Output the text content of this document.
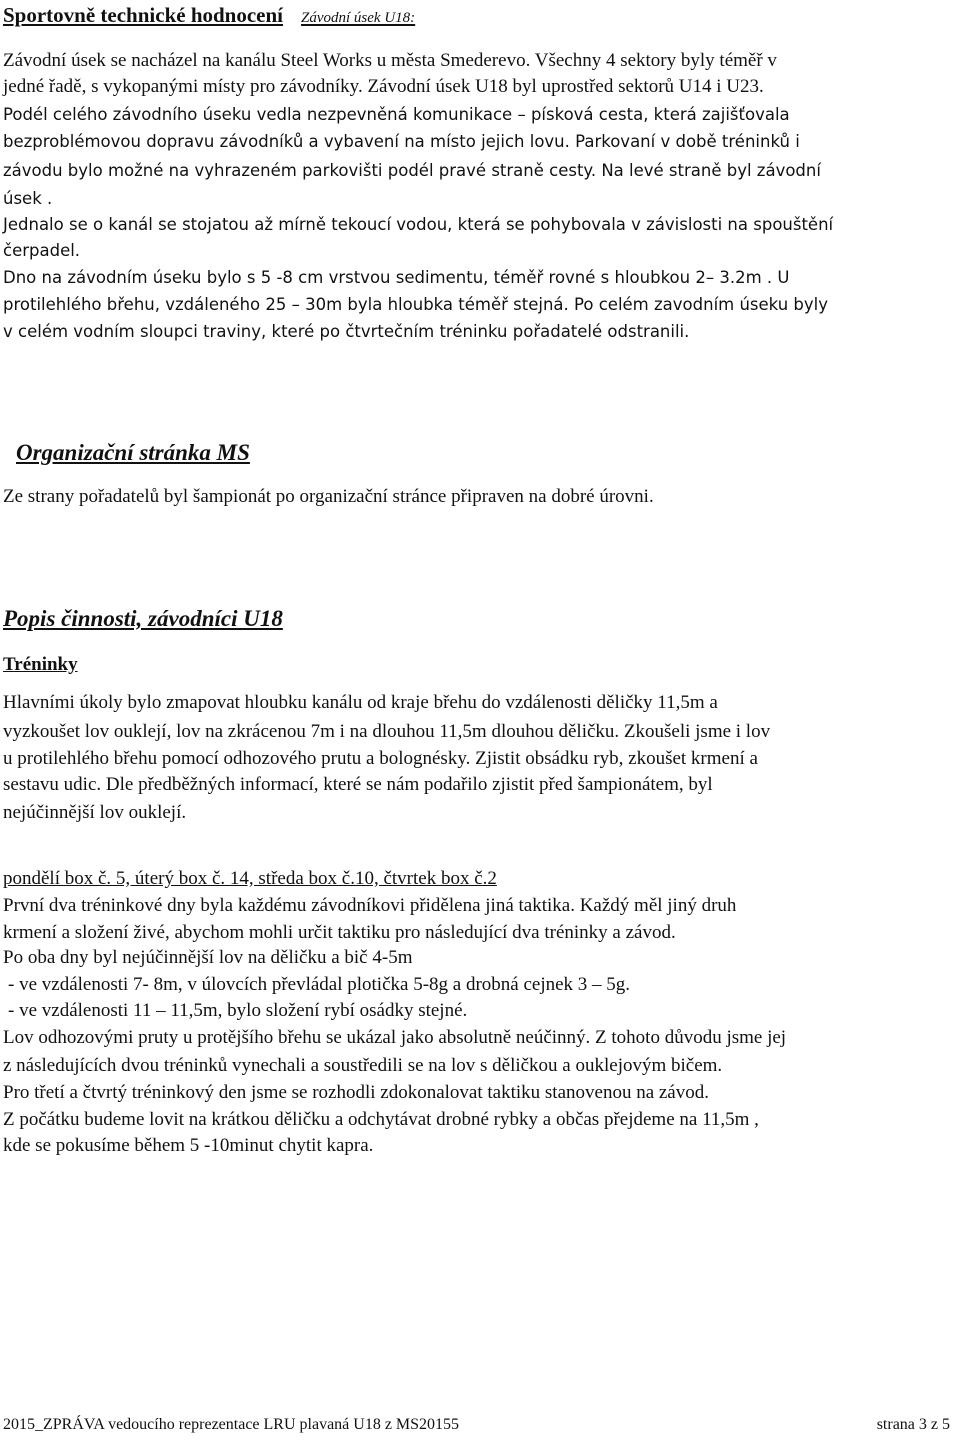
Sportovně technické hodnocení Závodní úsek U18:
Závodní úsek se nacházel na kanálu Steel Works u města Smederevo. Všechny 4 sektory byly téměř v
jedné řadě, s vykopanými místy pro závodníky. Závodní úsek U18 byl uprostřed sektorů U14 i U23.
Podél celého závodního úseku vedla nezpevněná komunikace – písková cesta, která zajišťovala
bezproblémovou dopravu závodníků a vybavení na místo jejich lovu. Parkovaní v době tréninků i
závodu bylo možné na vyhrazeném parkovišti podél pravé straně cesty. Na levé straně byl závodní
úsek .
Jednalo se o kanál se stojatou až mírně tekoucí vodou, která se pohybovala v závislosti na spouštění
čerpadel.
Dno na závodním úseku bylo s 5 -8 cm vrstvou sedimentu, téměř rovné s hloubkou 2– 3.2m . U
protilehlého břehu, vzdáleného 25 – 30m byla hloubka téměř stejná. Po celém zavodním úseku byly
v celém vodním sloupci traviny, které po čtvrtečním tréninku pořadatelé odstranili.
Organizační stránka MS
Ze strany pořadatelů byl šampionát po organizační stránce připraven na dobré úrovni.
Popis činnosti, závodníci U18
Tréninky
Hlavními úkoly bylo zmapovat hloubku kanálu od kraje břehu do vzdálenosti děličky 11,5m a
vyzkoušet lov ouklejí, lov na zkrácenou 7m i na dlouhou 11,5m dlouhou děličku. Zkoušeli jsme i lov
u protilehlého břehu pomocí odhozového prutu a bolognésky. Zjistit obsádku ryb, zkoušet krmení a
sestavu udic. Dle předběžných informací, které se nám podařilo zjistit před šampionátem, byl
nejúčinnější lov ouklejí.
pondělí box č. 5, úterý box č. 14, středa box č.10, čtvrtek box č.2
První dva tréninkové dny byla každému závodníkovi přidělena jiná taktika. Každý měl jiný druh
krmení a složení živé, abychom mohli určit taktiku pro následující dva tréninky a závod.
Po oba dny byl nejúčinnější lov na děličku a bič 4-5m
- ve vzdálenosti 7- 8m, v úlovcích převládal plotička 5-8g a drobná cejnek 3 – 5g.
- ve vzdálenosti 11 – 11,5m, bylo složení rybí osádky stejné.
Lov odhozovými pruty u protějšího břehu se ukázal jako absolutně neúčinný. Z tohoto důvodu jsme jej
z následujících dvou tréninků vynechali a soustředili se na lov s děličkou a ouklejovým bičem.
Pro třetí a čtvrtý tréninkový den jsme se rozhodli zdokonalovat taktiku stanovenou na závod.
Z počátku budeme lovit na krátkou děličku a odchytávat drobné rybky a občas přejdeme na 11,5m ,
kde se pokusíme během 5 -10minut chytit kapra.
2015_ZPRÁVA vedoucího reprezentace LRU plavaná U18 z MS20155	strana 3 z 5
